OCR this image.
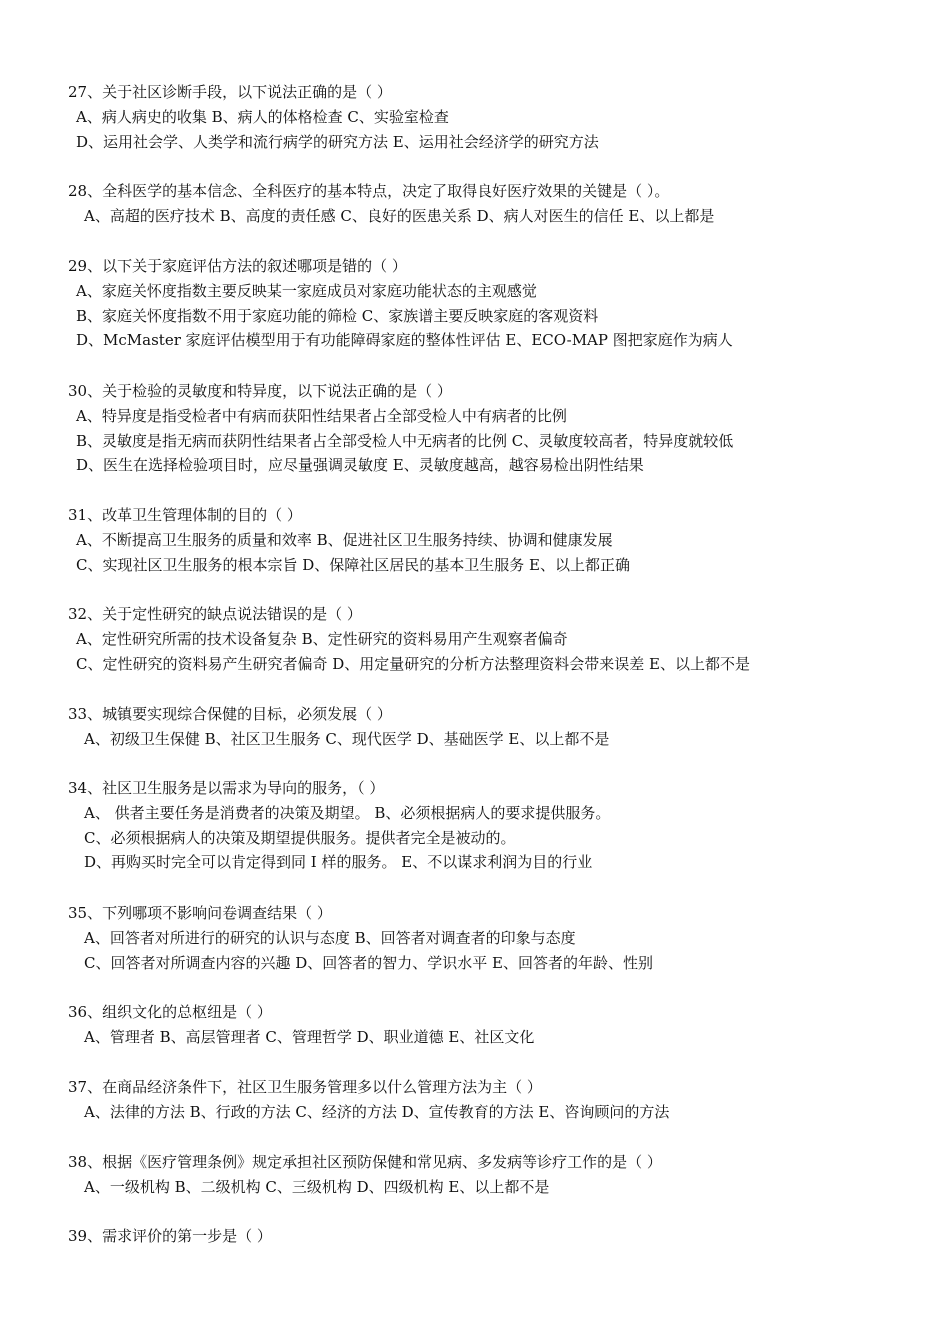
27、关于社区诊断手段，以下说法正确的是（ ）
A、病人病史的收集 B、病人的体格检查 C、实验室检查
D、运用社会学、人类学和流行病学的研究方法 E、运用社会经济学的研究方法
28、全科医学的基本信念、全科医疗的基本特点，决定了取得良好医疗效果的关键是（ ）。
A、高超的医疗技术 B、高度的责任感 C、良好的医患关系 D、病人对医生的信任 E、以上都是
29、以下关于家庭评估方法的叙述哪项是错的（ ）
A、家庭关怀度指数主要反映某一家庭成员对家庭功能状态的主观感觉
B、家庭关怀度指数不用于家庭功能的筛检 C、家族谱主要反映家庭的客观资料
D、McMaster 家庭评估模型用于有功能障碍家庭的整体性评估 E、ECO-MAP 图把家庭作为病人
30、关于检验的灵敏度和特异度，以下说法正确的是（ ）
A、特异度是指受检者中有病而获阳性结果者占全部受检人中有病者的比例
B、灵敏度是指无病而获阴性结果者占全部受检人中无病者的比例 C、灵敏度较高者，特异度就较低
D、医生在选择检验项目时，应尽量强调灵敏度 E、灵敏度越高，越容易检出阴性结果
31、改革卫生管理体制的目的（ ）
A、不断提高卫生服务的质量和效率 B、促进社区卫生服务持续、协调和健康发展
C、实现社区卫生服务的根本宗旨 D、保障社区居民的基本卫生服务 E、以上都正确
32、关于定性研究的缺点说法错误的是（ ）
A、定性研究所需的技术设备复杂 B、定性研究的资料易用产生观察者偏奇
C、定性研究的资料易产生研究者偏奇 D、用定量研究的分析方法整理资料会带来误差 E、以上都不是
33、城镇要实现综合保健的目标，必须发展（ ）
A、初级卫生保健 B、社区卫生服务 C、现代医学 D、基础医学 E、以上都不是
34、社区卫生服务是以需求为导向的服务，（ ）
A、 供者主要任务是消费者的决策及期望。 B、必须根据病人的要求提供服务。
C、必须根据病人的决策及期望提供服务。提供者完全是被动的。
D、再购买时完全可以肯定得到同 I 样的服务。 E、不以谋求利润为目的行业
35、下列哪项不影响问卷调查结果（ ）
A、回答者对所进行的研究的认识与态度 B、回答者对调查者的印象与态度
C、回答者对所调查内容的兴趣 D、回答者的智力、学识水平 E、回答者的年龄、性别
36、组织文化的总枢纽是（ ）
A、管理者 B、高层管理者 C、管理哲学 D、职业道德 E、社区文化
37、在商品经济条件下，社区卫生服务管理多以什么管理方法为主（ ）
A、法律的方法 B、行政的方法 C、经济的方法 D、宣传教育的方法 E、咨询顾问的方法
38、根据《医疗管理条例》规定承担社区预防保健和常见病、多发病等诊疗工作的是（ ）
A、一级机构 B、二级机构 C、三级机构 D、四级机构 E、以上都不是
39、需求评价的第一步是（ ）
